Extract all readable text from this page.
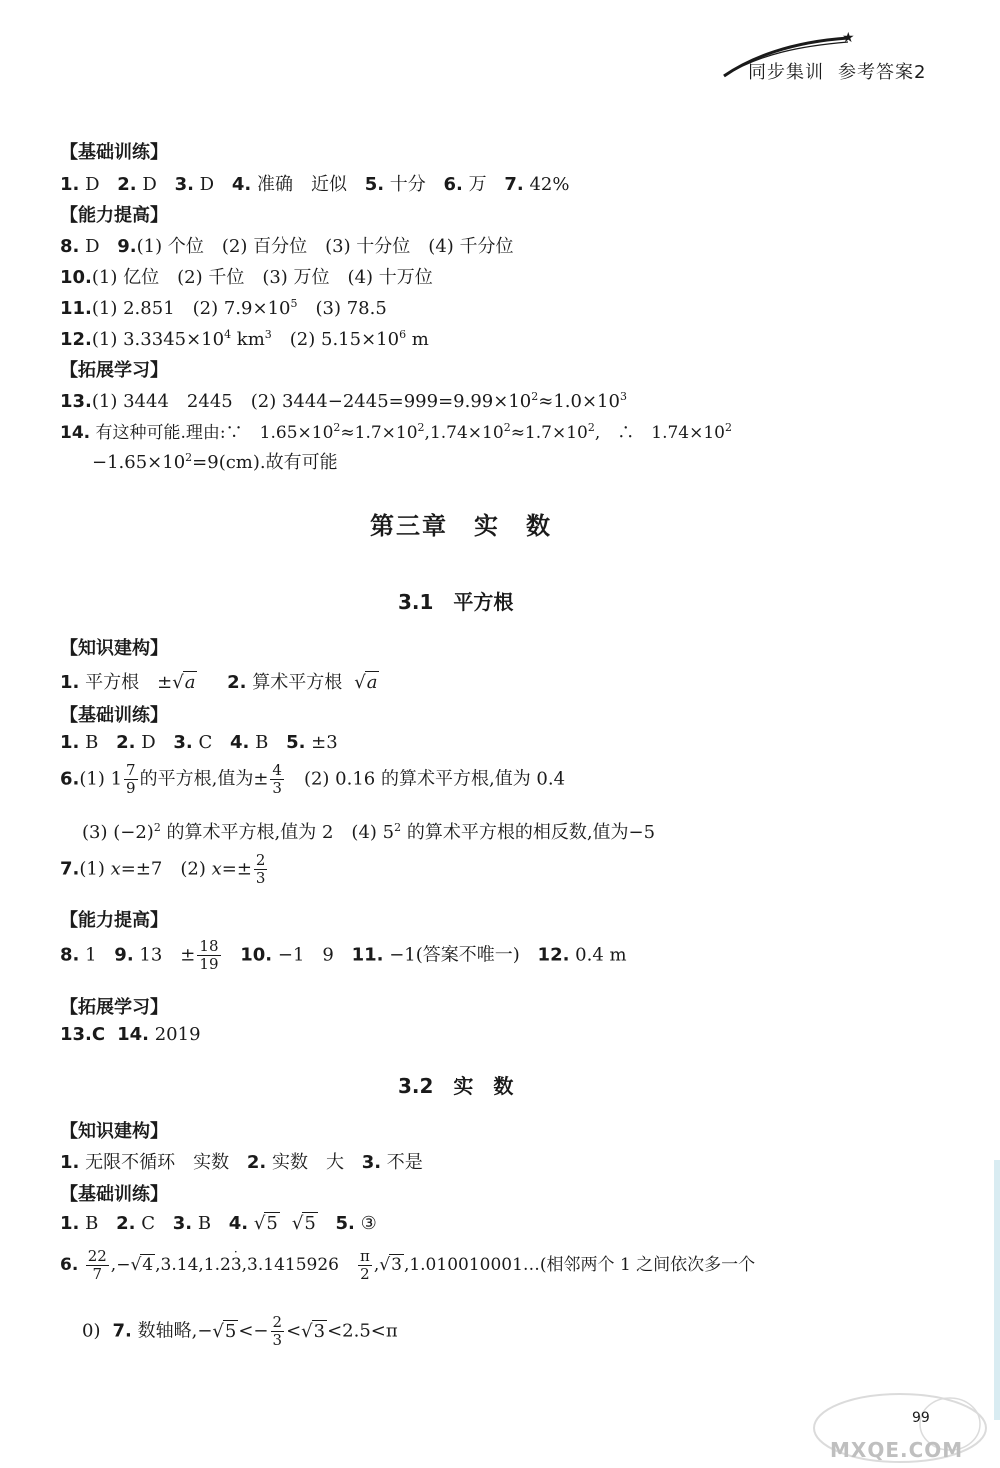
★
同步集训 参考答案2
【基础训练】
1. D 2. D 3. D 4. 准确　近似 5. 十分 6. 万 7. 42%
【能力提高】
8. D 9.(1) 个位　(2) 百分位　(3) 十分位　(4) 千分位
10.(1) 亿位　(2) 千位　(3) 万位　(4) 十万位
11.(1) 2.851　(2) $7.9\times 10^5$　(3) 78.5
12.(1) $3.3345\times 10^4$ $km^3$　(2) $5.15\times 10^6$ m
【拓展学习】
13.(1) 3444　2445　(2) $3444-2445=999=9.99\times 10^2\approx 1.0\times 10^3$
14. 有这种可能.理由:∵　$1.65\times 10^2\approx 1.7\times 10^2,1.74\times 10^2\approx 1.7\times 10^2$,　∴　$1.74\times 10^2$
$-1.65\times 10^2=9(cm)$.故有可能
第三章　实　数
3.1　平方根
【知识建构】
1. 平方根　±√ a 2. 算术平方根 √ a
【基础训练】
1. B 2. D 3. C 4. B 5. ±3
6.(1) $1 \frac{7}{9}$ 的平方根,值为± $\frac{4}{3}$ 　(2) 0.16 的算术平方根,值为 0.4
(3) $(-2)^2$ 的算术平方根,值为 2　(4) $5^2$ 的算术平方根的相反数,值为−5
7.(1) x=±7　(2) $x=\pm \frac{2}{3}$
【能力提高】
8. 1 9. 13　± $\frac{18}{19} 10$. −1　9 11. −1(答案不唯一) 12. 0.4 m
【拓展学习】
13.C 14. 2019
3.2　实　数
【知识建构】
1. 无限不循环　实数 2. 实数　大 3. 不是
【基础训练】
1. B 2. C 3. B 4. √ 5 √ 5 5. ③
6. $\frac{22}{7}$ ,−√ 4 ,3.14,1.23
·
,3.1415926　 $\frac{\pi}{2}$ ,√ 3 ,1.010010001…(相邻两个 1 之间依次多一个
0) 7. 数轴略,−√ $5 <- \frac{2}{3}$ <√ 3 <2.5<π
99
MXQE.COM
